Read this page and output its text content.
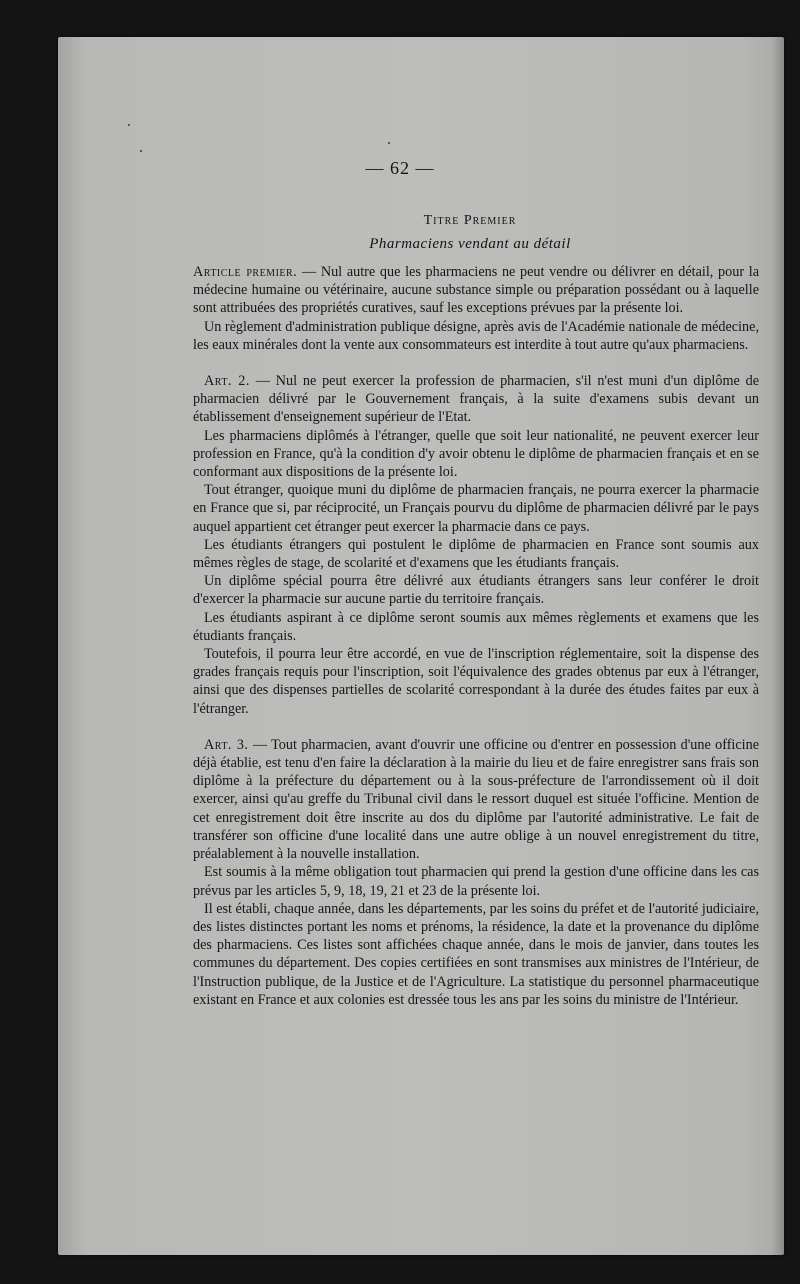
— 62 —
Titre Premier
Pharmaciens vendant au détail

Article premier. — Nul autre que les pharmaciens ne peut vendre ou délivrer en détail, pour la médecine humaine ou vétérinaire, aucune substance simple ou préparation possédant ou à laquelle sont attribuées des propriétés curatives, sauf les exceptions prévues par la présente loi.

Un règlement d'administration publique désigne, après avis de l'Académie nationale de médecine, les eaux minérales dont la vente aux consommateurs est interdite à tout autre qu'aux pharmaciens.

Art. 2. — Nul ne peut exercer la profession de pharmacien, s'il n'est muni d'un diplôme de pharmacien délivré par le Gouvernement français, à la suite d'examens subis devant un établissement d'enseignement supérieur de l'Etat.

Les pharmaciens diplômés à l'étranger, quelle que soit leur nationalité, ne peuvent exercer leur profession en France, qu'à la condition d'y avoir obtenu le diplôme de pharmacien français et en se conformant aux dispositions de la présente loi.

Tout étranger, quoique muni du diplôme de pharmacien français, ne pourra exercer la pharmacie en France que si, par réciprocité, un Français pourvu du diplôme de pharmacien délivré par le pays auquel appartient cet étranger peut exercer la pharmacie dans ce pays.

Les étudiants étrangers qui postulent le diplôme de pharmacien en France sont soumis aux mêmes règles de stage, de scolarité et d'examens que les étudiants français.

Un diplôme spécial pourra être délivré aux étudiants étrangers sans leur conférer le droit d'exercer la pharmacie sur aucune partie du territoire français.

Les étudiants aspirant à ce diplôme seront soumis aux mêmes règlements et examens que les étudiants français.

Toutefois, il pourra leur être accordé, en vue de l'inscription réglementaire, soit la dispense des grades français requis pour l'inscription, soit l'équivalence des grades obtenus par eux à l'étranger, ainsi que des dispenses partielles de scolarité correspondant à la durée des études faites par eux à l'étranger.

Art. 3. — Tout pharmacien, avant d'ouvrir une officine ou d'entrer en possession d'une officine déjà établie, est tenu d'en faire la déclaration à la mairie du lieu et de faire enregistrer sans frais son diplôme à la préfecture du département ou à la sous-préfecture de l'arrondissement où il doit exercer, ainsi qu'au greffe du Tribunal civil dans le ressort duquel est située l'officine. Mention de cet enregistrement doit être inscrite au dos du diplôme par l'autorité administrative. Le fait de transférer son officine d'une localité dans une autre oblige à un nouvel enregistrement du titre, préalablement à la nouvelle installation.

Est soumis à la même obligation tout pharmacien qui prend la gestion d'une officine dans les cas prévus par les articles 5, 9, 18, 19, 21 et 23 de la présente loi.

Il est établi, chaque année, dans les départements, par les soins du préfet et de l'autorité judiciaire, des listes distinctes portant les noms et prénoms, la résidence, la date et la provenance du diplôme des pharmaciens. Ces listes sont affichées chaque année, dans le mois de janvier, dans toutes les communes du département. Des copies certifiées en sont transmises aux ministres de l'Intérieur, de l'Instruction publique, de la Justice et de l'Agriculture. La statistique du personnel pharmaceutique existant en France et aux colonies est dressée tous les ans par les soins du ministre de l'Intérieur.
